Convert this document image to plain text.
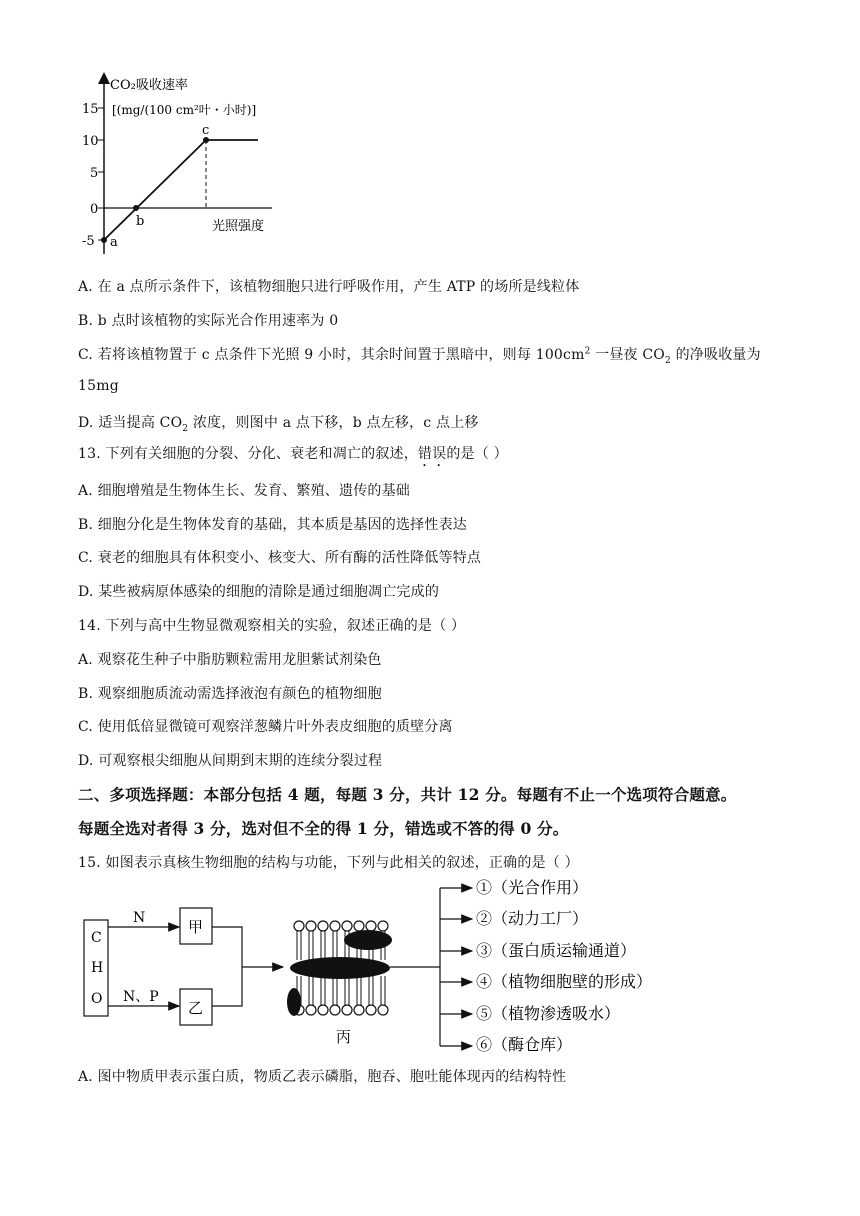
15
10
5
0
-5
CO₂吸收速率
[(mg/(100 cm²叶・小时)]
光照强度
a
b
c
A. 在 a 点所示条件下，该植物细胞只进行呼吸作用，产生 ATP 的场所是线粒体
B. b 点时该植物的实际光合作用速率为 0
C. 若将该植物置于 c 点条件下光照 9 小时，其余时间置于黑暗中，则每 $100cm^2$ 一昼夜 $CO_2$ 的净吸收量为
15mg
D. 适当提高 $CO_2$ 浓度，则图中 a 点下移，b 点左移，c 点上移
13. 下列有关细胞的分裂、分化、衰老和凋亡的叙述，错误的是（ ）
A. 细胞增殖是生物体生长、发育、繁殖、遗传的基础
B. 细胞分化是生物体发育的基础，其本质是基因的选择性表达
C. 衰老的细胞具有体积变小、核变大、所有酶的活性降低等特点
D. 某些被病原体感染的细胞的清除是通过细胞凋亡完成的
14. 下列与高中生物显微观察相关的实验，叙述正确的是（ ）
A. 观察花生种子中脂肪颗粒需用龙胆紫试剂染色
B. 观察细胞质流动需选择液泡有颜色的植物细胞
C. 使用低倍显微镜可观察洋葱鳞片叶外表皮细胞的质壁分离
D. 可观察根尖细胞从间期到末期的连续分裂过程
二、多项选择题：本部分包括 4 题，每题 3 分，共计 12 分。每题有不止一个选项符合题意。
每题全选对者得 3 分，选对但不全的得 1 分，错选或不答的得 0 分。
15. 如图表示真核生物细胞的结构与功能，下列与此相关的叙述，正确的是（ ）
C
H
O
N
N、P
甲
乙
丙
①（光合作用）
②（动力工厂）
③（蛋白质运输通道）
④（植物细胞壁的形成）
⑤（植物渗透吸水）
⑥（酶仓库）
A. 图中物质甲表示蛋白质，物质乙表示磷脂，胞吞、胞吐能体现丙的结构特性
